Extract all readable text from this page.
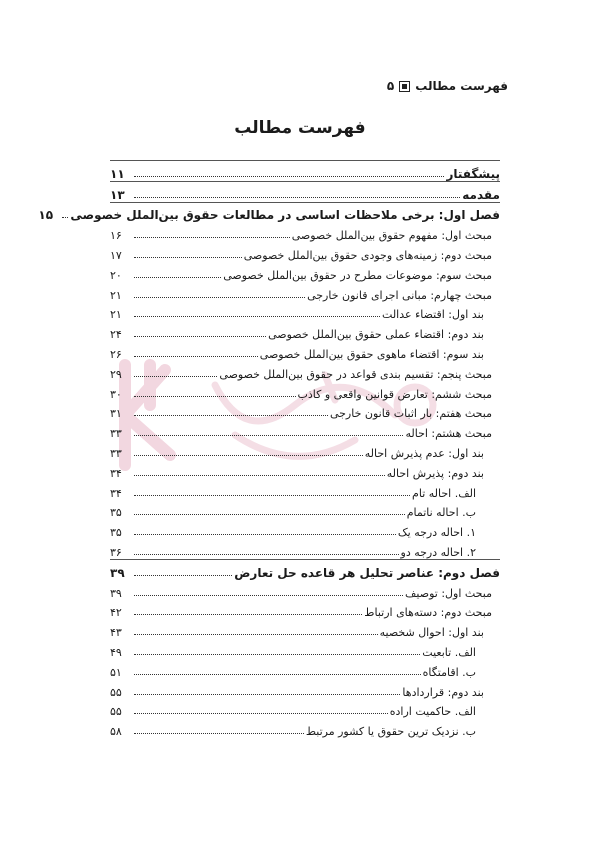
فهرست مطالب
۵
فهرست مطالب
پیشگفتار
۱۱
مقدمه
۱۳
فصل اول: برخی ملاحظات اساسی در مطالعات حقوق بین‌الملل خصوصی
۱۵
مبحث اول: مفهوم حقوق بین‌الملل خصوصی
۱۶
مبحث دوم: زمینه‌های وجودی حقوق بین‌الملل خصوصی
۱۷
مبحث سوم: موضوعات مطرح در حقوق بین‌الملل خصوصی
۲۰
مبحث چهارم: مبانی اجرای قانون خارجی
۲۱
بند اول: اقتضاء عدالت
۲۱
بند دوم: اقتضاء عملی حقوق بین‌الملل خصوصی
۲۴
بند سوم: اقتضاء ماهوی حقوق بین‌الملل خصوصی
۲۶
مبحث پنجم: تقسیم بندی قواعد در حقوق بین‌الملل خصوصی
۲۹
مبحث ششم: تعارض قوانین واقعی و کاذب
۳۰
مبحث هفتم: بار اثبات قانون خارجی
۳۱
مبحث هشتم: احاله
۳۳
بند اول: عدم پذیرش احاله
۳۳
بند دوم: پذیرش احاله
۳۴
الف. احاله تام
۳۴
ب. احاله ناتمام
۳۵
۱. احاله درجه یک
۳۵
۲. احاله درجه دو
۳۶
فصل دوم: عناصر تحلیل هر قاعده حل تعارض
۳۹
مبحث اول: توصیف
۳۹
مبحث دوم: دسته‌های ارتباط
۴۲
بند اول: احوال شخصیه
۴۳
الف. تابعیت
۴۹
ب. اقامتگاه
۵۱
بند دوم: قراردادها
۵۵
الف. حاکمیت اراده
۵۵
ب. نزدیک ترین حقوق یا کشور مرتبط
۵۸
